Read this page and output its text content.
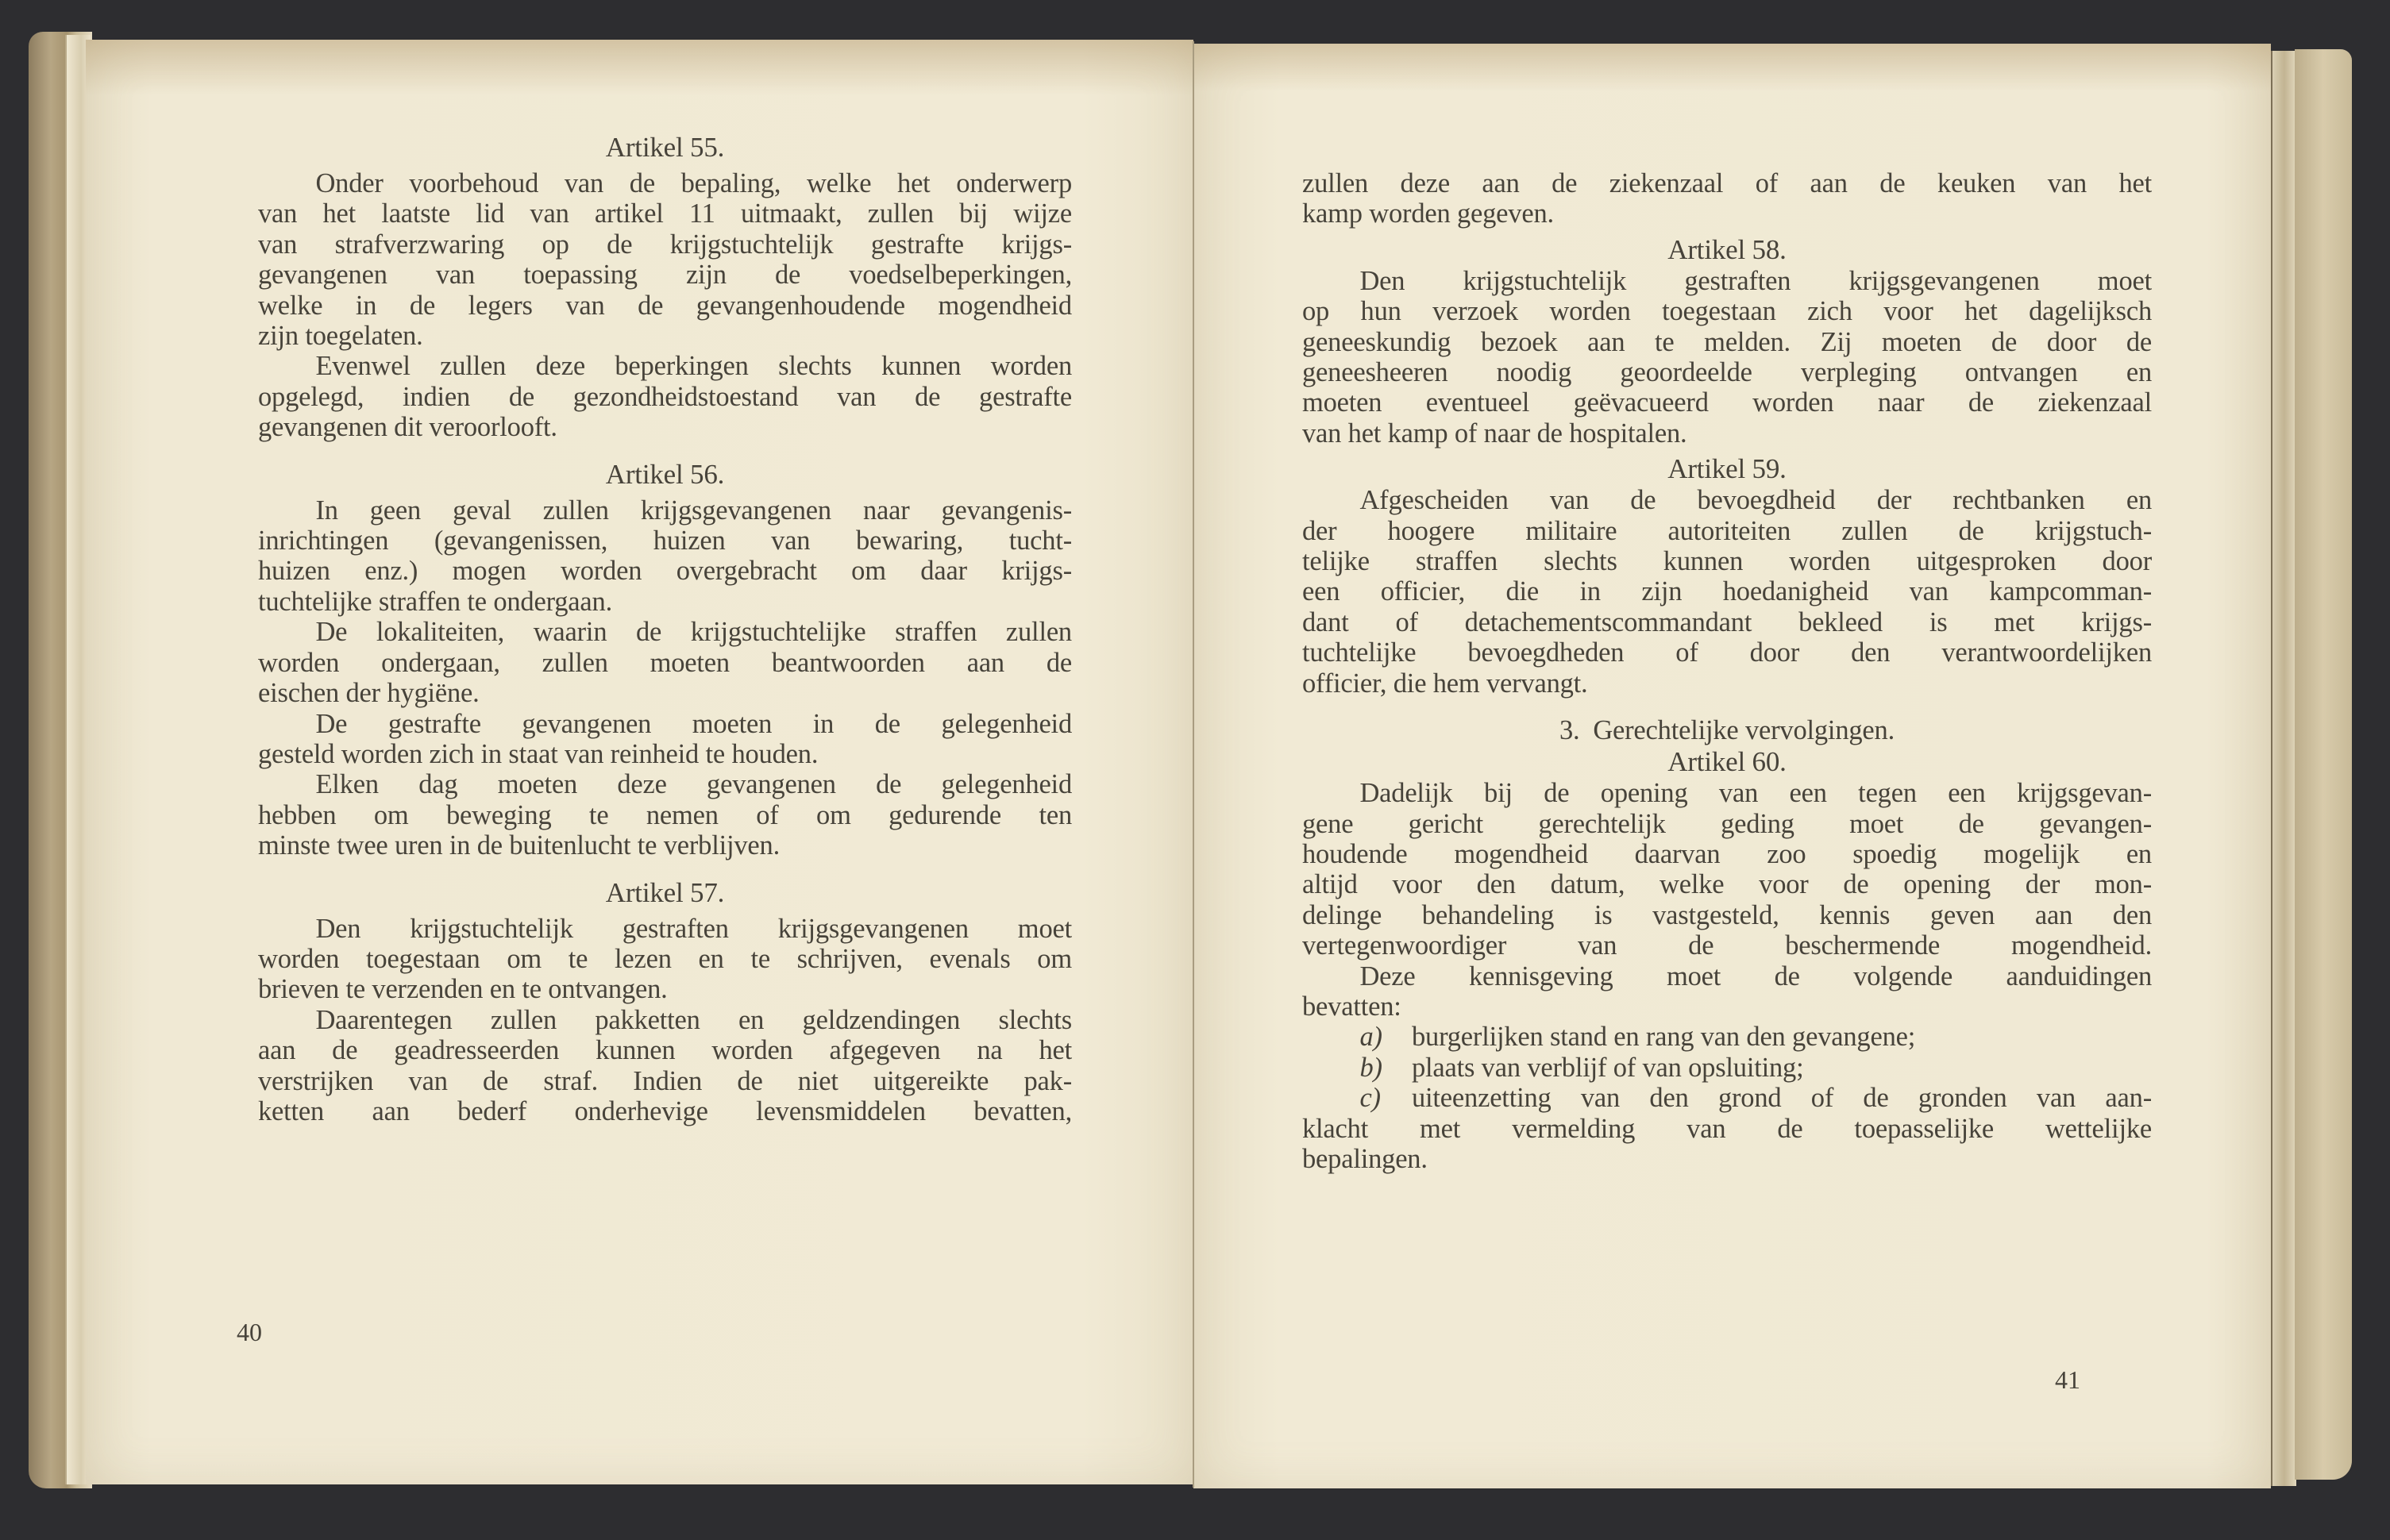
Artikel 55.
Onder voorbehoud van de bepaling, welke het onderwerp
van het laatste lid van artikel 11 uitmaakt, zullen bij wijze
van strafverzwaring op de krijgstuchtelijk gestrafte krijgs-
gevangenen van toepassing zijn de voedselbeperkingen,
welke in de legers van de gevangenhoudende mogendheid
zijn toegelaten.
Evenwel zullen deze beperkingen slechts kunnen worden
opgelegd, indien de gezondheidstoestand van de gestrafte
gevangenen dit veroorlooft.
Artikel 56.
In geen geval zullen krijgsgevangenen naar gevangenis-
inrichtingen (gevangenissen, huizen van bewaring, tucht-
huizen enz.) mogen worden overgebracht om daar krijgs-
tuchtelijke straffen te ondergaan.
De lokaliteiten, waarin de krijgstuchtelijke straffen zullen
worden ondergaan, zullen moeten beantwoorden aan de
eischen der hygiëne.
De gestrafte gevangenen moeten in de gelegenheid
gesteld worden zich in staat van reinheid te houden.
Elken dag moeten deze gevangenen de gelegenheid
hebben om beweging te nemen of om gedurende ten
minste twee uren in de buitenlucht te verblijven.
Artikel 57.
Den krijgstuchtelijk gestraften krijgsgevangenen moet
worden toegestaan om te lezen en te schrijven, evenals om
brieven te verzenden en te ontvangen.
Daarentegen zullen pakketten en geldzendingen slechts
aan de geadresseerden kunnen worden afgegeven na het
verstrijken van de straf. Indien de niet uitgereikte pak-
ketten aan bederf onderhevige levensmiddelen bevatten,
40
zullen deze aan de ziekenzaal of aan de keuken van het
kamp worden gegeven.
Artikel 58.
Den krijgstuchtelijk gestraften krijgsgevangenen moet
op hun verzoek worden toegestaan zich voor het dagelijksch
geneeskundig bezoek aan te melden. Zij moeten de door de
geneesheeren noodig geoordeelde verpleging ontvangen en
moeten eventueel geëvacueerd worden naar de ziekenzaal
van het kamp of naar de hospitalen.
Artikel 59.
Afgescheiden van de bevoegdheid der rechtbanken en
der hoogere militaire autoriteiten zullen de krijgstuch-
telijke straffen slechts kunnen worden uitgesproken door
een officier, die in zijn hoedanigheid van kampcomman-
dant of detachementscommandant bekleed is met krijgs-
tuchtelijke bevoegdheden of door den verantwoordelijken
officier, die hem vervangt.
3. Gerechtelijke vervolgingen.
Artikel 60.
Dadelijk bij de opening van een tegen een krijgsgevan-
gene gericht gerechtelijk geding moet de gevangen-
houdende mogendheid daarvan zoo spoedig mogelijk en
altijd voor den datum, welke voor de opening der mon-
delinge behandeling is vastgesteld, kennis geven aan den
vertegenwoordiger van de beschermende mogendheid.
Deze kennisgeving moet de volgende aanduidingen
bevatten:
a) burgerlijken stand en rang van den gevangene;
b) plaats van verblijf of van opsluiting;
c) uiteenzetting van den grond of de gronden van aan-
klacht met vermelding van de toepasselijke wettelijke
bepalingen.
41
